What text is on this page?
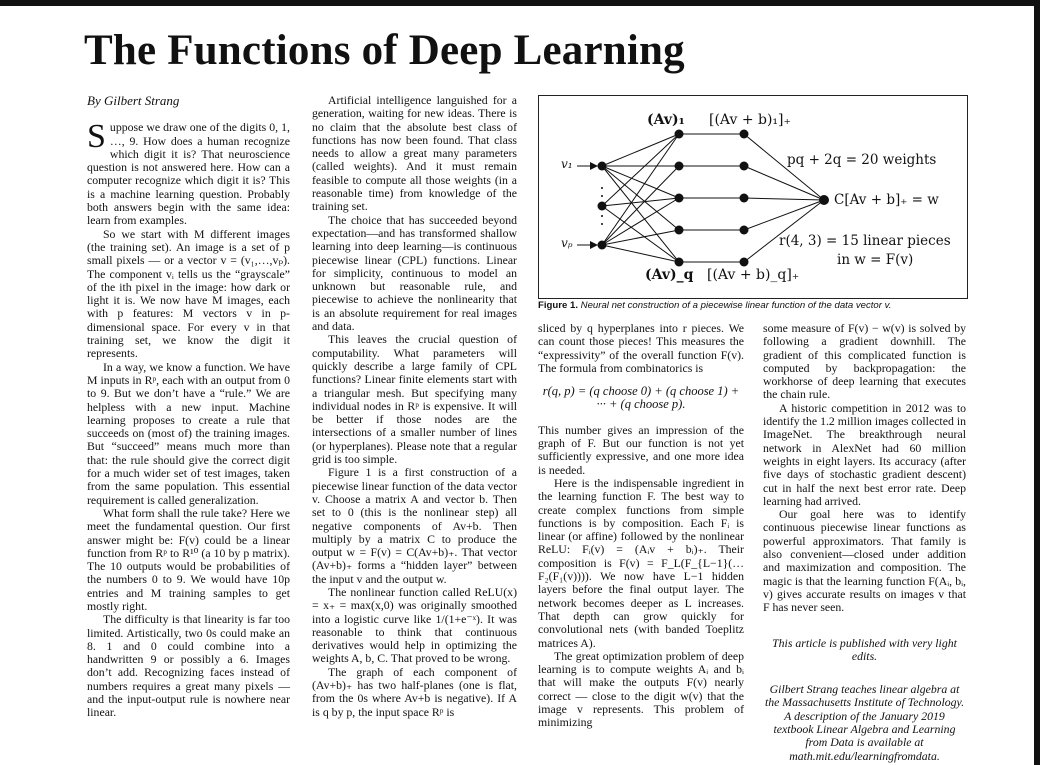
The Functions of Deep Learning

By Gilbert Strang

Suppose we draw one of the digits 0, 1, …, 9. How does a human recognize which digit it is? That neuroscience question is not answered here. How can a computer recognize which digit it is? This is a machine learning question. Probably both answers begin with the same idea: learn from examples.

So we start with M different images (the training set). An image is a set of p small pixels — or a vector v = (v₁,…,vₚ). The component vᵢ tells us the “grayscale” of the ith pixel in the image: how dark or light it is. We now have M images, each with p features: M vectors v in p-dimensional space. For every v in that training set, we know the digit it represents.

In a way, we know a function. We have M inputs in Rᵖ, each with an output from 0 to 9. But we don’t have a “rule.” We are helpless with a new input. Machine learning proposes to create a rule that succeeds on (most of) the training images. But “succeed” means much more than that: the rule should give the correct digit for a much wider set of test images, taken from the same population. This essential requirement is called generalization.

What form shall the rule take? Here we meet the fundamental question. Our first answer might be: F(v) could be a linear function from Rᵖ to R¹⁰ (a 10 by p matrix). The 10 outputs would be probabilities of the numbers 0 to 9. We would have 10p entries and M training samples to get mostly right.

The difficulty is that linearity is far too limited. Artistically, two 0s could make an 8. 1 and 0 could combine into a handwritten 9 or possibly a 6. Images don’t add. Recognizing faces instead of numbers requires a great many pixels — and the input-output rule is nowhere near linear.

Artificial intelligence languished for a generation, waiting for new ideas. There is no claim that the absolute best class of functions has now been found. That class needs to allow a great many parameters (called weights). And it must remain feasible to compute all those weights (in a reasonable time) from knowledge of the training set.

The choice that has succeeded beyond expectation—and has transformed shallow learning into deep learning—is continuous piecewise linear (CPL) functions. Linear for simplicity, continuous to model an unknown but reasonable rule, and piecewise to achieve the nonlinearity that is an absolute requirement for real images and data.

This leaves the crucial question of computability. What parameters will quickly describe a large family of CPL functions? Linear finite elements start with a triangular mesh. But specifying many individual nodes in Rᵖ is expensive. It will be better if those nodes are the intersections of a smaller number of lines (or hyperplanes). Please note that a regular grid is too simple.

Figure 1 is a first construction of a piecewise linear function of the data vector v. Choose a matrix A and vector b. Then set to 0 (this is the nonlinear step) all negative components of Av+b. Then multiply by a matrix C to produce the output w = F(v) = C(Av+b)₊. That vector (Av+b)₊ forms a “hidden layer” between the input v and the output w.

The nonlinear function called ReLU(x) = x₊ = max(x,0) was originally smoothed into a logistic curve like 1/(1+e⁻ˣ). It was reasonable to think that continuous derivatives would help in optimizing the weights A, b, C. That proved to be wrong.

The graph of each component of (Av+b)₊ has two half-planes (one is flat, from the 0s where Av+b is negative). If A is q by p, the input space Rᵖ is

(Av)₁ [(Av + b)₁]₊
v₁
vₚ
pq + 2q = 20 weights
C[Av + b]₊ = w
r(4, 3) = 15 linear pieces
in w = F(v)
(Av)_q [(Av + b)_q]₊
Figure 1. Neural net construction of a piecewise linear function of the data vector v.

sliced by q hyperplanes into r pieces. We can count those pieces! This measures the “expressivity” of the overall function F(v). The formula from combinatorics is

r(q, p) = (q choose 0) + (q choose 1) + ··· + (q choose p).

This number gives an impression of the graph of F. But our function is not yet sufficiently expressive, and one more idea is needed.

Here is the indispensable ingredient in the learning function F. The best way to create complex functions from simple functions is by composition. Each Fᵢ is linear (or affine) followed by the nonlinear ReLU: Fᵢ(v) = (Aᵢv + bᵢ)₊. Their composition is F(v) = F_L(F_{L−1}(…F₂(F₁(v)))). We now have L−1 hidden layers before the final output layer. The network becomes deeper as L increases. That depth can grow quickly for convolutional nets (with banded Toeplitz matrices A).

The great optimization problem of deep learning is to compute weights Aᵢ and bᵢ that will make the outputs F(v) nearly correct — close to the digit w(v) that the image v represents. This problem of minimizing

some measure of F(v) − w(v) is solved by following a gradient downhill. The gradient of this complicated function is computed by backpropagation: the workhorse of deep learning that executes the chain rule.

A historic competition in 2012 was to identify the 1.2 million images collected in ImageNet. The breakthrough neural network in AlexNet had 60 million weights in eight layers. Its accuracy (after five days of stochastic gradient descent) cut in half the next best error rate. Deep learning had arrived.

Our goal here was to identify continuous piecewise linear functions as powerful approximators. That family is also convenient—closed under addition and maximization and composition. The magic is that the learning function F(Aᵢ, bᵢ, v) gives accurate results on images v that F has never seen.

This article is published with very light edits.

Gilbert Strang teaches linear algebra at the Massachusetts Institute of Technology.

A description of the January 2019 textbook Linear Algebra and Learning from Data is available at math.mit.edu/learningfromdata.
